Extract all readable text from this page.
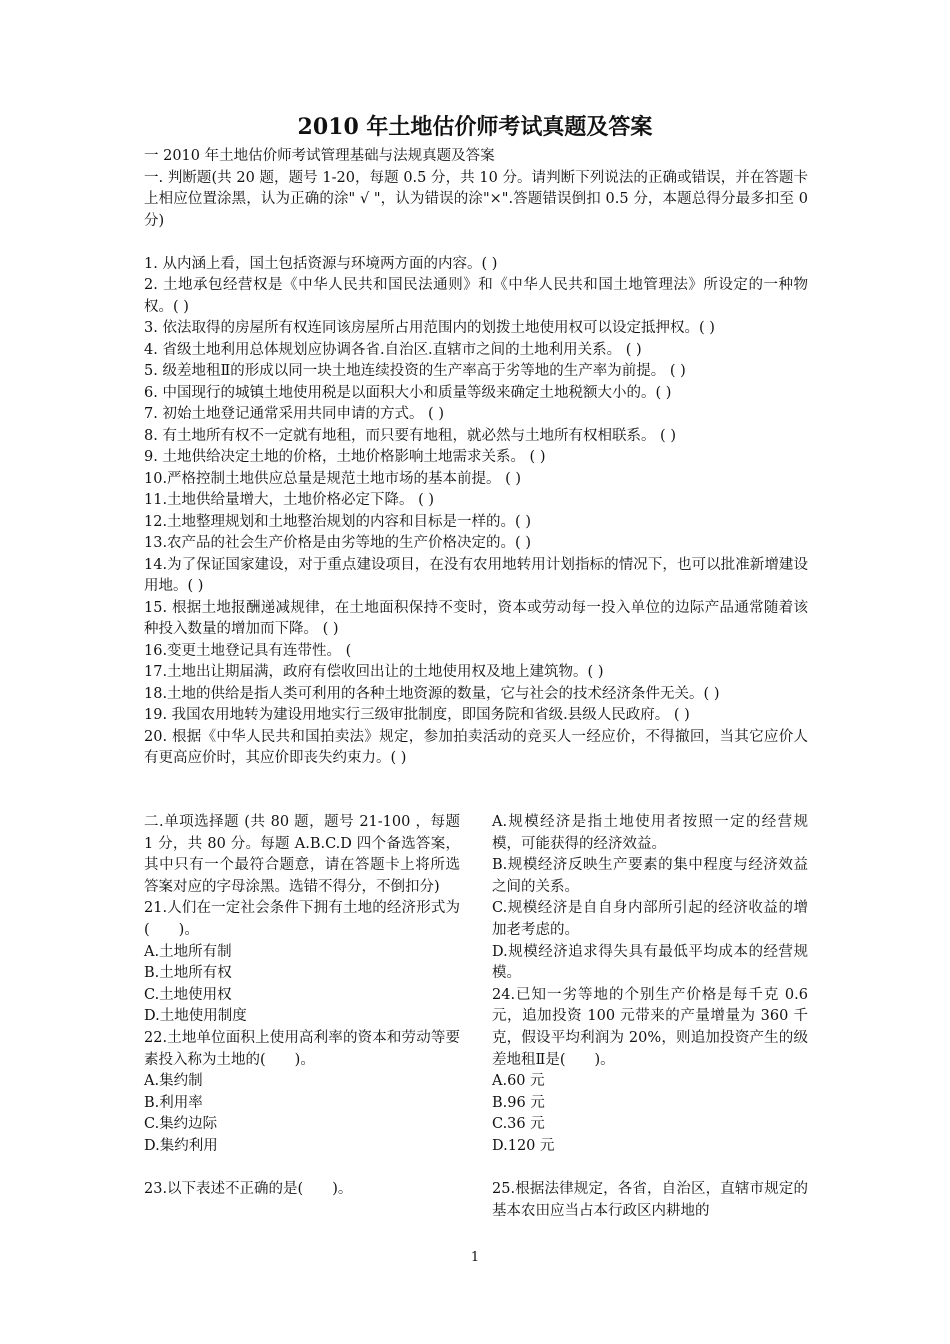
2010 年土地估价师考试真题及答案

一 2010 年土地估价师考试管理基础与法规真题及答案

一. 判断题(共 20 题，题号 1-20，每题 0.5 分，共 10 分。请判断下列说法的正确或错误，并在答题卡上相应位置涂黑，认为正确的涂" √ "，认为错误的涂"×".答题错误倒扣 0.5 分，本题总得分最多扣至 0 分)

1. 从内涵上看，国土包括资源与环境两方面的内容。( )

2. 土地承包经营权是《中华人民共和国民法通则》和《中华人民共和国土地管理法》所设定的一种物权。( )

3. 依法取得的房屋所有权连同该房屋所占用范围内的划拨土地使用权可以设定抵押权。( )

4. 省级土地利用总体规划应协调各省.自治区.直辖市之间的土地利用关系。 ( )

5. 级差地租Ⅱ的形成以同一块土地连续投资的生产率高于劣等地的生产率为前提。 ( )

6. 中国现行的城镇土地使用税是以面积大小和质量等级来确定土地税额大小的。( )

7. 初始土地登记通常采用共同申请的方式。 ( )

8. 有土地所有权不一定就有地租，而只要有地租，就必然与土地所有权相联系。 ( )

9. 土地供给决定土地的价格，土地价格影响土地需求关系。 ( )

10.严格控制土地供应总量是规范土地市场的基本前提。 ( )

11.土地供给量增大，土地价格必定下降。 ( )

12.土地整理规划和土地整治规划的内容和目标是一样的。( )

13.农产品的社会生产价格是由劣等地的生产价格决定的。( )

14.为了保证国家建设，对于重点建设项目，在没有农用地转用计划指标的情况下，也可以批准新增建设用地。( )

15. 根据土地报酬递减规律，在土地面积保持不变时，资本或劳动每一投入单位的边际产品通常随着该种投入数量的增加而下降。 ( )

16.变更土地登记具有连带性。 (

17.土地出让期届满，政府有偿收回出让的土地使用权及地上建筑物。( )

18.土地的供给是指人类可利用的各种土地资源的数量，它与社会的技术经济条件无关。( )

19. 我国农用地转为建设用地实行三级审批制度，即国务院和省级.县级人民政府。 ( )

20. 根据《中华人民共和国拍卖法》规定，参加拍卖活动的竞买人一经应价，不得撤回，当其它应价人有更高应价时，其应价即丧失约束力。( )

二.单项选择题 (共 80 题，题号 21-100 ，每题 1 分，共 80 分。每题 A.B.C.D 四个备选答案，其中只有一个最符合题意，请在答题卡上将所选答案对应的字母涂黑。选错不得分，不倒扣分)

21.人们在一定社会条件下拥有土地的经济形式为(　　)。

A.土地所有制

B.土地所有权

C.土地使用权

D.土地使用制度

22.土地单位面积上使用高利率的资本和劳动等要素投入称为土地的(　　)。

A.集约制

B.利用率

C.集约边际

D.集约利用

23.以下表述不正确的是(　　)。

A.规模经济是指土地使用者按照一定的经营规模，可能获得的经济效益。

B.规模经济反映生产要素的集中程度与经济效益之间的关系。

C.规模经济是自自身内部所引起的经济收益的增加老考虑的。

D.规模经济追求得失具有最低平均成本的经营规模。

24.已知一劣等地的个别生产价格是每千克 0.6 元，追加投资 100 元带来的产量增量为 360 千克，假设平均利润为 20%，则追加投资产生的级差地租Ⅱ是(　　)。

A.60 元

B.96 元

C.36 元

D.120 元

25.根据法律规定，各省，自治区，直辖市规定的基本农田应当占本行政区内耕地的

1
